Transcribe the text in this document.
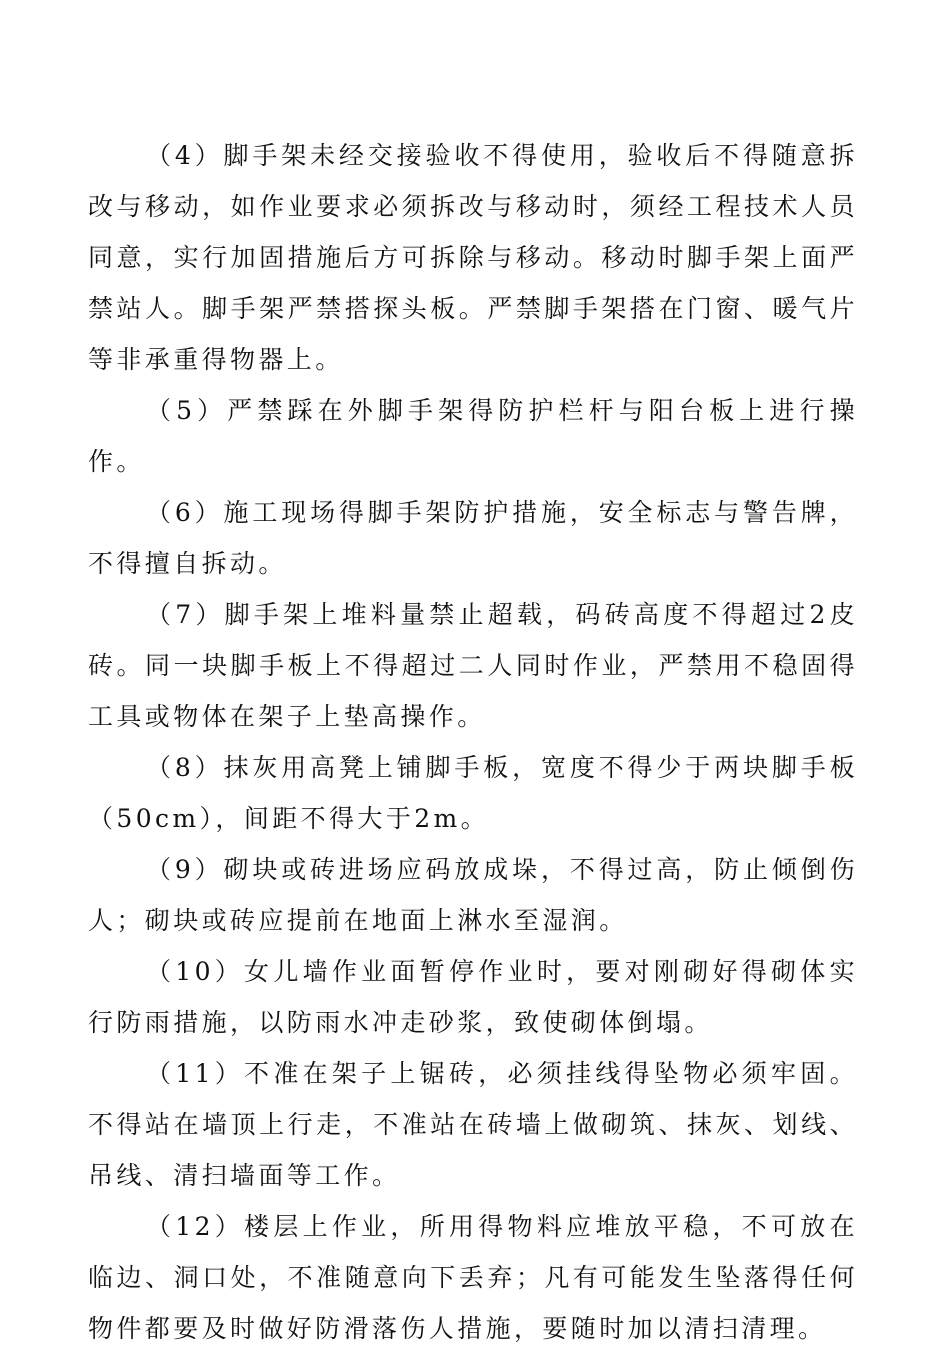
（4）脚手架未经交接验收不得使用，验收后不得随意拆改与移动，如作业要求必须拆改与移动时，须经工程技术人员同意，实行加固措施后方可拆除与移动。移动时脚手架上面严禁站人。脚手架严禁搭探头板。严禁脚手架搭在门窗、暖气片等非承重得物器上。

（5）严禁踩在外脚手架得防护栏杆与阳台板上进行操作。

（6）施工现场得脚手架防护措施，安全标志与警告牌，不得擅自拆动。

（7）脚手架上堆料量禁止超载，码砖高度不得超过2皮砖。同一块脚手板上不得超过二人同时作业，严禁用不稳固得工具或物体在架子上垫高操作。

（8）抹灰用高凳上铺脚手板，宽度不得少于两块脚手板（50cm），间距不得大于2m。

（9）砌块或砖进场应码放成垛，不得过高，防止倾倒伤人；砌块或砖应提前在地面上淋水至湿润。

（10）女儿墙作业面暂停作业时，要对刚砌好得砌体实行防雨措施，以防雨水冲走砂浆，致使砌体倒塌。

（11）不准在架子上锯砖，必须挂线得坠物必须牢固。不得站在墙顶上行走，不准站在砖墙上做砌筑、抹灰、划线、吊线、清扫墙面等工作。

（12）楼层上作业，所用得物料应堆放平稳，不可放在临边、洞口处，不准随意向下丢弃；凡有可能发生坠落得任何物件都要及时做好防滑落伤人措施，要随时加以清扫清理。
